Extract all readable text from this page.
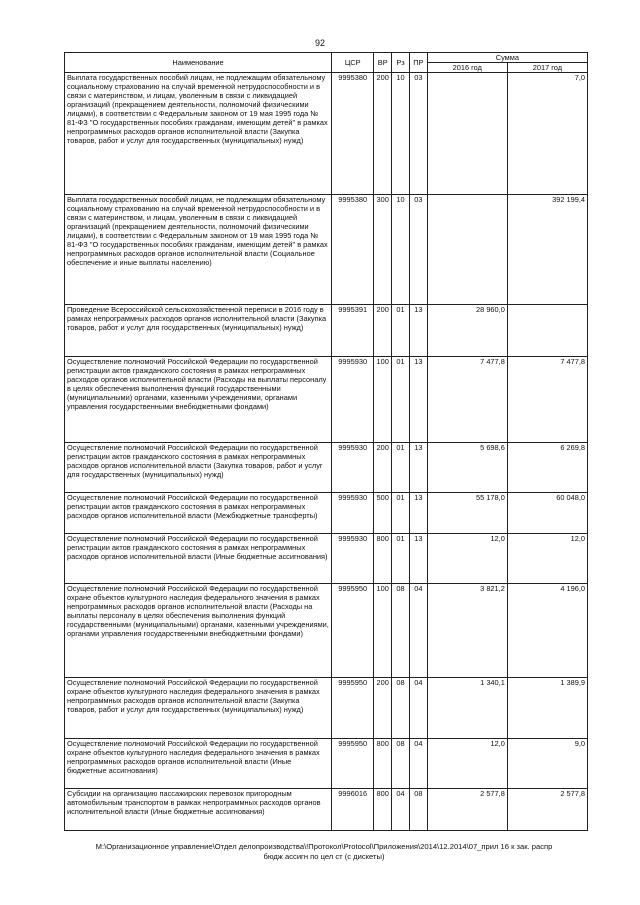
92
Наименование	ЦСР	ВР	Рз	ПР	Сумма	
					2016 год	2017 год
Выплата государственных пособий лицам, не подлежащим обязательному социальному страхованию на случай временной нетрудоспособности и в связи с материнством, и лицам, уволенным в связи с ликвидацией организаций (прекращением деятельности, полномочий физическими лицами), в соответствии с Федеральным законом от 19 мая 1995 года № 81-ФЗ "О государственных пособиях гражданам, имеющим детей" в рамках непрограммных расходов органов исполнительной власти (Закупка товаров, работ и услуг для государственных (муниципальных) нужд)	9995380	200	10	03		7,0
Выплата государственных пособий лицам, не подлежащим обязательному социальному страхованию на случай временной нетрудоспособности и в связи с материнством, и лицам, уволенным в связи с ликвидацией организаций (прекращением деятельности, полномочий физическими лицами), в соответствии с Федеральным законом от 19 мая 1995 года № 81-ФЗ "О государственных пособиях гражданам, имеющим детей" в рамках непрограммных расходов органов исполнительной власти (Социальное обеспечение и иные выплаты населению)	9995380	300	10	03		392 199,4
Проведение Всероссийской сельскохозяйственной переписи в 2016 году в рамках непрограммных расходов органов исполнительной власти (Закупка товаров, работ и услуг для государственных (муниципальных) нужд)	9995391	200	01	13	28 960,0	
Осуществление полномочий Российской Федерации по государственной регистрации актов гражданского состояния в рамках непрограммных расходов органов исполнительной власти (Расходы на выплаты персоналу в целях обеспечения выполнения функций государственными (муниципальными) органами, казенными учреждениями, органами управления государственными внебюджетными фондами)	9995930	100	01	13	7 477,8	7 477,8
Осуществление полномочий Российской Федерации по государственной регистрации актов гражданского состояния в рамках непрограммных расходов органов исполнительной власти (Закупка товаров, работ и услуг для государственных (муниципальных) нужд)	9995930	200	01	13	5 698,6	6 269,8
Осуществление полномочий Российской Федерации по государственной регистрации актов гражданского состояния в рамках непрограммных расходов органов исполнительной власти (Межбюджетные трансферты)	9995930	500	01	13	55 178,0	60 048,0
Осуществление полномочий Российской Федерации по государственной регистрации актов гражданского состояния в рамках непрограммных расходов органов исполнительной власти (Иные бюджетные ассигнования)	9995930	800	01	13	12,0	12,0
Осуществление полномочий Российской Федерации по государственной охране объектов культурного наследия федерального значения в рамках непрограммных расходов органов исполнительной власти (Расходы на выплаты персоналу в целях обеспечения выполнения функций государственными (муниципальными) органами, казенными учреждениями, органами управления государственными внебюджетными фондами)	9995950	100	08	04	3 821,2	4 196,0
Осуществление полномочий Российской Федерации по государственной охране объектов культурного наследия федерального значения в рамках непрограммных расходов органов исполнительной власти (Закупка товаров, работ и услуг для государственных (муниципальных) нужд)	9995950	200	08	04	1 340,1	1 389,9
Осуществление полномочий Российской Федерации по государственной охране объектов культурного наследия федерального значения в рамках непрограммных расходов органов исполнительной власти (Иные бюджетные ассигнования)	9995950	800	08	04	12,0	9,0
Субсидии на организацию пассажирских перевозок пригородным автомобильным транспортом в рамках непрограммных расходов органов исполнительной власти (Иные бюджетные ассигнования)	9996016	800	04	08	2 577,8	2 577,8
M:\Организационное управление\Отдел делопроизводства\!Протокол\Protocol\Приложения\2014\12.2014\07_прил 16 к зак. распр
бюдж ассигн по цел ст (с дискеты)
